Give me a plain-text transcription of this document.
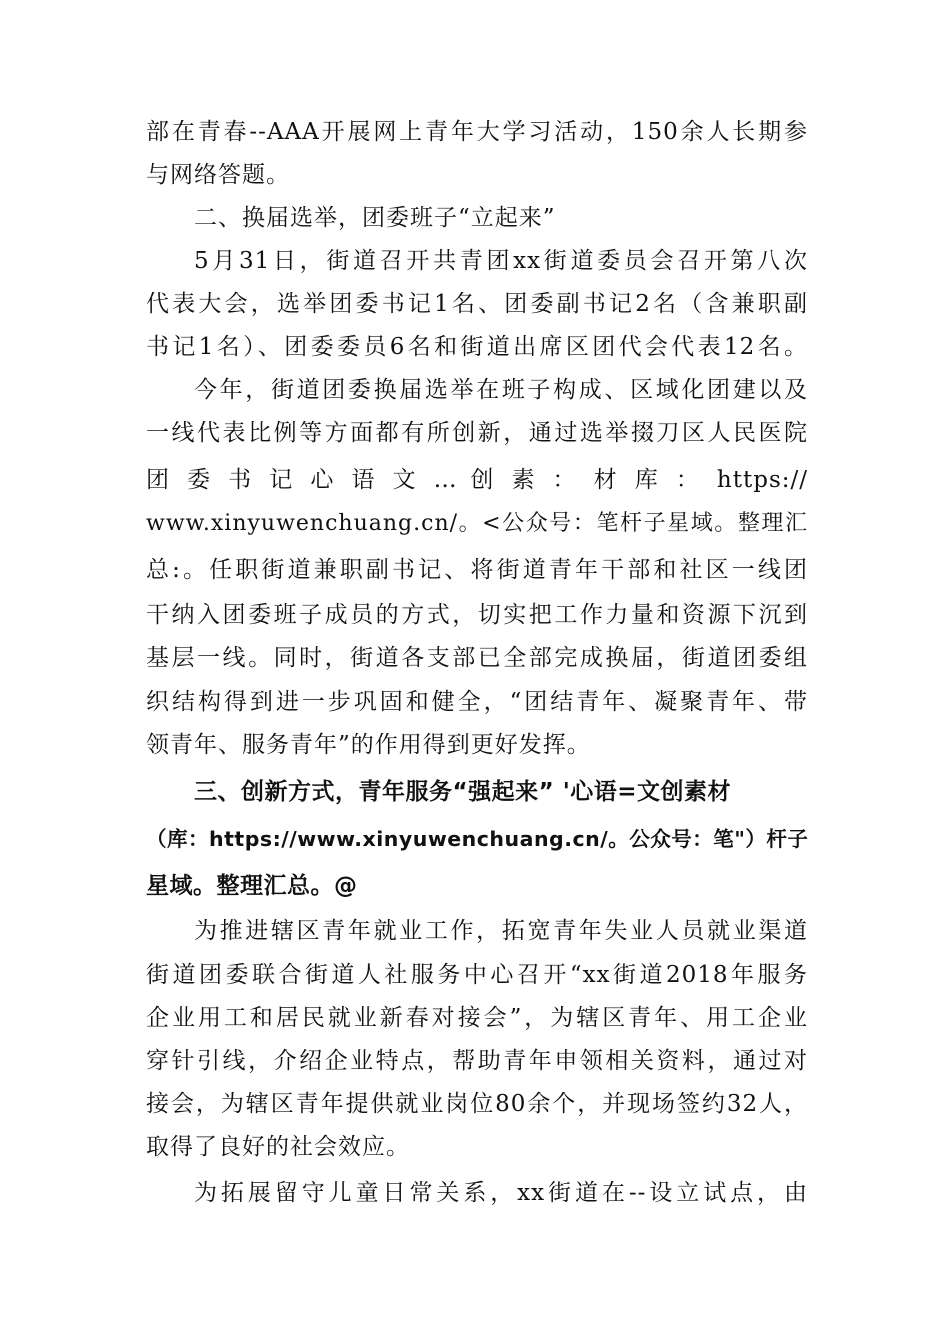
部在青春--AAA开展网上青年大学习活动，150余人长期参
与网络答题。
二、换届选举，团委班子“立起来”
5月31日，街道召开共青团xx街道委员会召开第八次
代表大会，选举团委书记1名、团委副书记2名（含兼职副
书记1名）、团委委员6名和街道出席区团代会代表12名。
今年，街道团委换届选举在班子构成、区域化团建以及
一线代表比例等方面都有所创新，通过选举掇刀区人民医院
团 委 书 记 心 语 文 … 创 素 ： 材 库 ： https://
www.xinyuwenchuang.cn/。<公众号：笔杆子星域。整理汇
总:。任职街道兼职副书记、将街道青年干部和社区一线团
干纳入团委班子成员的方式，切实把工作力量和资源下沉到
基层一线。同时，街道各支部已全部完成换届，街道团委组
织结构得到进一步巩固和健全，“团结青年、凝聚青年、带
领青年、服务青年”的作用得到更好发挥。
三、创新方式，青年服务“强起来” '心语=文创素材
（库：https://www.xinyuwenchuang.cn/。公众号：笔"）杆子
星域。整理汇总。@
为推进辖区青年就业工作，拓宽青年失业人员就业渠道
街道团委联合街道人社服务中心召开“xx街道2018年服务
企业用工和居民就业新春对接会”，为辖区青年、用工企业
穿针引线，介绍企业特点，帮助青年申领相关资料，通过对
接会，为辖区青年提供就业岗位80余个，并现场签约32人，
取得了良好的社会效应。
为拓展留守儿童日常关系，xx街道在--设立试点，由
